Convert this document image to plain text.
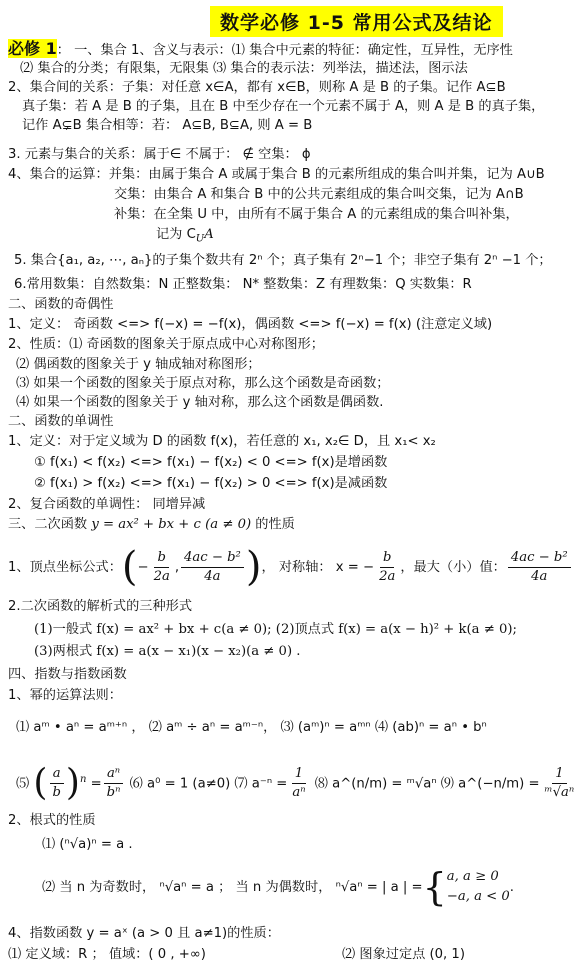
数学必修 1-5 常用公式及结论
必修 1： 一、集合 1、含义与表示：⑴ 集合中元素的特征：确定性，互异性，无序性
⑵ 集合的分类；有限集，无限集 ⑶ 集合的表示法：列举法，描述法，图示法
2、集合间的关系：子集：对任意 x∈A，都有 x∈B，则称 A 是 B 的子集。记作 A⊆B
真子集：若 A 是 B 的子集，且在 B 中至少存在一个元素不属于 A，则 A 是 B 的真子集，
记作 A⊊B 集合相等：若： A⊆B, B⊆A, 则 A = B
3. 元素与集合的关系：属于∈ 不属于： ∉ 空集： ϕ
4、集合的运算：并集：由属于集合 A 或属于集合 B 的元素所组成的集合叫并集，记为 A∪B
交集：由集合 A 和集合 B 中的公共元素组成的集合叫交集，记为 A∩B
补集：在全集 U 中，由所有不属于集合 A 的元素组成的集合叫补集，
记为 $C_UA$
5. 集合{a₁, a₂, ⋯, aₙ}的子集个数共有 2ⁿ 个；真子集有 2ⁿ−1 个；非空子集有 2ⁿ −1 个；
6.常用数集：自然数集：N 正整数集： N* 整数集：Z 有理数集：Q 实数集：R
二、函数的奇偶性
1、定义： 奇函数 <=> f(−x) = −f(x)，偶函数 <=> f(−x) = f(x) (注意定义域)
2、性质：⑴ 奇函数的图象关于原点成中心对称图形；
⑵ 偶函数的图象关于 y 轴成轴对称图形；
⑶ 如果一个函数的图象关于原点对称，那么这个函数是奇函数；
⑷ 如果一个函数的图象关于 y 轴对称，那么这个函数是偶函数.
二、函数的单调性
1、定义：对于定义域为 D 的函数 f(x)，若任意的 x₁, x₂∈ D，且 x₁< x₂
① f(x₁) < f(x₂) <=> f(x₁) − f(x₂) < 0 <=> f(x)是增函数
② f(x₁) > f(x₂) <=> f(x₁) − f(x₂) > 0 <=> f(x)是减函数
2、复合函数的单调性： 同增异减
三、二次函数 y = ax² + bx + c (a ≠ 0) 的性质
1、顶点坐标公式：(− $\frac{b}{2a}$ , $\frac{\text{4ac − b²}}{4a}$ )， 对称轴： x = − $\frac{b}{2a}$ ，最大（小）值： $\frac{\text{4ac − b²}}{4a}$
2.二次函数的解析式的三种形式
(1)一般式 f(x) = ax² + bx + c(a ≠ 0); (2)顶点式 f(x) = a(x − h)² + k(a ≠ 0);
(3)两根式 f(x) = a(x − x₁)(x − x₂)(a ≠ 0) .
四、指数与指数函数
1、幂的运算法则：
⑴ aᵐ • aⁿ = aᵐ⁺ⁿ ， ⑵ aᵐ ÷ aⁿ = aᵐ⁻ⁿ， ⑶ (aᵐ)ⁿ = aᵐⁿ ⑷ (ab)ⁿ = aⁿ • bⁿ
⑸ ( $\frac{a}{b} )^n = \frac{\text{aⁿ}}{\text{bⁿ}}$ ⑹ a⁰ = 1 (a≠0) ⑺ $a^{-n} = \frac{1}{\text{aⁿ}}$ ⑻ a^(n/m) = ᵐ√aⁿ ⑼ a^(−n/m) = $\frac{1}{\text{ᵐ√aⁿ}}$
2、根式的性质
⑴ (ⁿ√a)ⁿ = a .
⑵ 当 n 为奇数时， ⁿ√aⁿ = a ； 当 n 为偶数时， ⁿ√aⁿ = | a | ={ a, a ≥ 0
−a, a < 0
.
4、指数函数 y = aˣ (a > 0 且 a≠1)的性质：
⑴ 定义域：R ； 值域：( 0 , +∞)	⑵ 图象过定点 (0, 1)
